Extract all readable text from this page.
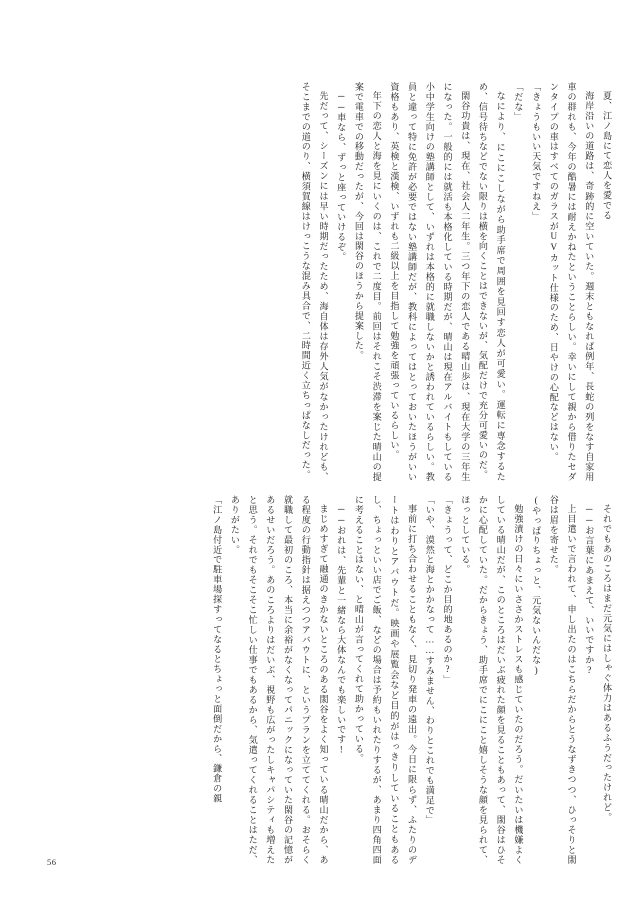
夏、江ノ島にて恋人を愛でる

海岸沿いの道路は、奇跡的に空いていた。週末ともなれば例年、長蛇の列をなす自家用車の群れも、今年の酷暑には耐えかねたということらしい。幸いにして親から借りたセダンタイプの車はすべてのガラスがUVカット仕様のため、日やけの心配などはない。

「きょうもいい天気ですねえ」

「だな」

なにより、にこにこしながら助手席で周囲を見回す恋人が可愛い。運転に専念するため、信号待ちなどでない限りは横を向くことはできないが、気配だけで充分可愛いのだ。

閖谷功貴は、現在、社会人二年生。三つ年下の恋人である晴山歩は、現在大学の三年生になった。一般的には就活も本格化している時期だが、晴山は現在アルバイトもしている小中学生向けの塾講師として、いずれは本格的に就職しないかと誘われているらしい。教員と違って特に免許が必要ではない塾講師だが、教科によってはとっておいたほうがいい資格もあり、英検と漢検、いずれも二級以上を目指して勉強を頑張っているらしい。

年下の恋人と海を見にいくのは、これで二度目。前回はそれこそ渋滞を案じた晴山の提案で電車での移動だったが、今回は閖谷のほうから提案した。

──車なら、ずっと座っていけるぞ。

先だって、シーズンには早い時期だったため、海自体は存外人気がなかったけれども、そこまでの道のり、横須賀線はけっこうな混み具合で、二時間近く立ちっぱなしだった。

それでもあのころはまだ元気にはしゃぐ体力はあるふうだったけれど。

──お言葉にあまえて、いいですか?

上目遣いで言われて、申し出たのはこちらだからとうなずきつつ、ひっそりと閖谷は眉を寄せた。

(やっぱりちょっと、元気ないんだな)

勉強漬けの日々にいささかストレスも感じていたのだろう。だいたいは機嫌よくしている晴山だが、このところはだいぶ疲れた顔を見ることもあって、閖谷はひそかに心配していた。だからきょう、助手席でにこにこと嬉しそうな顔を見られて、ほっとしている。

「きょうって、どこか目的地あるのか?」

「いや、漠然と海とかかなって……すみません、わりとこれでも満足で」

事前に打ち合わせることもなく、見切り発車の遠出。今日に限らず、ふたりのデートはわりとアバウトだ。映画や展覧会など目的がはっきりしていることもあるし、ちょっといい店でご飯、などの場合は予約もいれたりするが、あまり四角四面に考えることはない、と晴山が言ってくれて助かっている。

──おれは、先輩と一緒なら大体なんでも楽しいです!

まじめすぎて融通のきかないところのある閖谷をよく知っている晴山だから、ある程度の行動指針は据えつつアバウトに、というプランを立ててくれる。おそらく就職して最初のころ、本当に余裕がなくなってパニックになっていた閖谷の記憶があるせいだろう。あのころよりはだいぶ、視野も広がったしキャパシティも増えたと思う。それでもそこそこ忙しい仕事でもあるから、気遣ってくれることはただ、ありがたい。

「江ノ島付近で駐車場探すってなるとちょっと面倒だから、鎌倉の親

56
